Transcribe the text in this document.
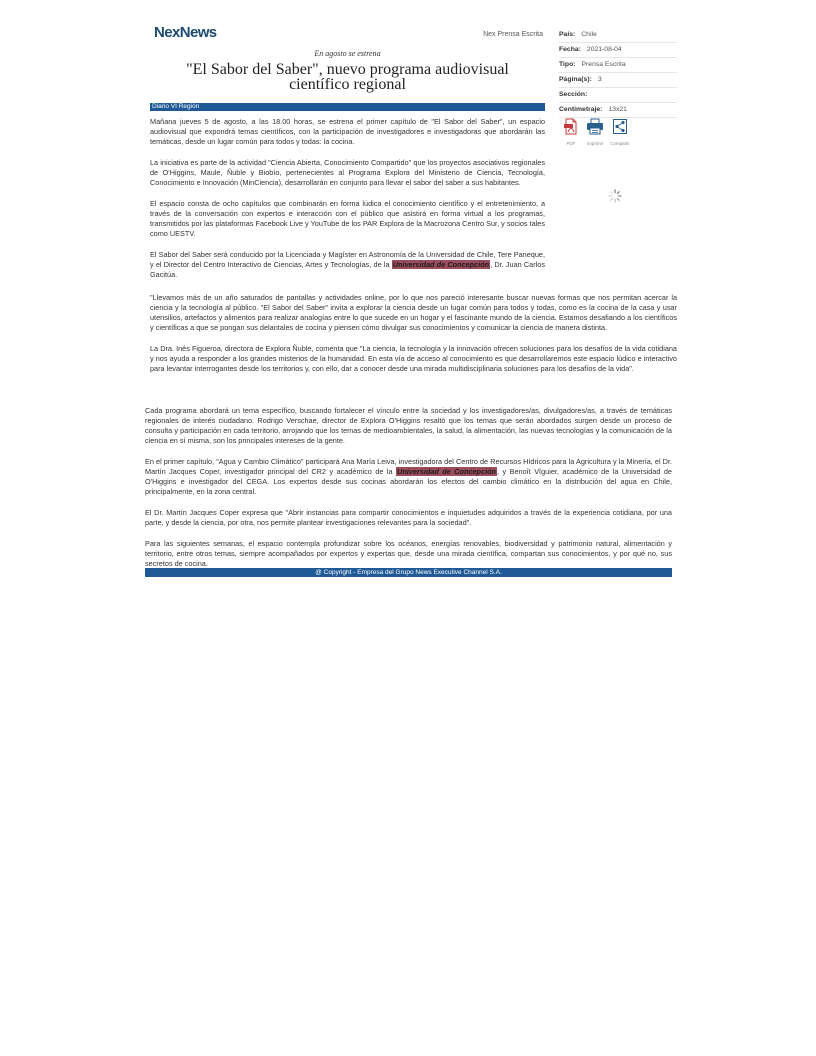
NexNews	Nex Prensa Escrita
En agosto se estrena
"El Sabor del Saber", nuevo programa audiovisual
científico regional
Diario VI Región

Mañana jueves 5 de agosto, a las 18.00 horas, se estrena el primer capítulo de "El Sabor del Saber", un espacio audiovisual que expondrá temas científicos, con la participación de investigadores e investigadoras que abordarán las temáticas, desde un lugar común para todos y todas: la cocina.

La iniciativa es parte de la actividad "Ciencia Abierta, Conocimiento Compartido" que los proyectos asociativos regionales de O'Higgins, Maule, Ñuble y Biobío, pertenecientes al Programa Explora del Ministerio de Ciencia, Tecnología, Conocimiento e Innovación (MinCiencia), desarrollarán en conjunto para llevar el sabor del saber a sus habitantes.

El espacio consta de ocho capítulos que combinarán en forma lúdica el conocimiento científico y el entretenimiento, a través de la conversación con expertos e interacción con el público que asistirá en forma virtual a los programas, transmitidos por las plataformas Facebook Live y YouTube de los PAR Explora de la Macrozona Centro Sur, y socios tales como UESTV.

El Sabor del Saber será conducido por la Licenciada y Magíster en Astronomía de la Universidad de Chile, Tere Paneque, y el Director del Centro Interactivo de Ciencias, Artes y Tecnologías, de la Universidad de Concepción, Dr. Juan Carlos Gacitúa.

"Llevamos más de un año saturados de pantallas y actividades online, por lo que nos pareció interesante buscar nuevas formas que nos permitan acercar la ciencia y la tecnología al público. "El Sabor del Saber" invita a explorar la ciencia desde un lugar común para todos y todas, como es la cocina de la casa y usar utensilios, artefactos y alimentos para realizar analogías entre lo que sucede en un hogar y el fascinante mundo de la ciencia. Estamos desafiando a los científicos y científicas a que se pongan sus delantales de cocina y piensen cómo divulgar sus conocimientos y comunicar la ciencia de manera distinta.

La Dra. Inés Figueroa, directora de Explora Ñuble, comenta que "La ciencia, la tecnología y la innovación ofrecen soluciones para los desafíos de la vida cotidiana y nos ayuda a responder a los grandes misterios de la humanidad. En esta vía de acceso al conocimiento es que desarrollaremos este espacio lúdico e interactivo para levantar interrogantes desde los territorios y, con ello, dar a conocer desde una mirada multidisciplinaria soluciones para los desafíos de la vida".

Cada programa abordará un tema específico, buscando fortalecer el vínculo entre la sociedad y los investigadores/as, divulgadores/as, a través de temáticas regionales de interés ciudadano. Rodrigo Verschae, director de Explora O'Higgins resaltó que los temas que serán abordados surgen desde un proceso de consulta y participación en cada territorio, arrojando que los temas de medioambientales, la salud, la alimentación, las nuevas tecnologías y la comunicación de la ciencia en sí misma, son los principales intereses de la gente.

En el primer capítulo, "Agua y Cambio Climático" participará Ana María Leiva, investigadora del Centro de Recursos Hídricos para la Agricultura y la Minería, el Dr. Martín Jacques Coper, investigador principal del CR2 y académico de la Universidad de Concepción, y Benoît Vîguier, académico de la Universidad de O'Higgins e investigador del CEGA. Los expertos desde sus cocinas abordarán los efectos del cambio climático en la distribución del agua en Chile, principalmente, en la zona central.

El Dr. Martín Jacques Coper expresa que "Abrir instancias para compartir conocimientos e inquietudes adquiridos a través de la experiencia cotidiana, por una parte, y desde la ciencia, por otra, nos permite plantear investigaciones relevantes para la sociedad".

Para las siguientes semanas, el espacio contempla profundizar sobre los océanos, energías renovables, biodiversidad y patrimonio natural, alimentación y territorio, entre otros temas, siempre acompañados por expertos y expertas que, desde una mirada científica, compartan sus conocimientos, y por qué no, sus secretos de cocina.

@ Copyright - Empresa del Grupo News Executive Channel S.A.
País: Chile
Fecha: 2021-08-04
Tipo: Prensa Escrita
Página(s): 3
Sección:
Centimetraje: 13x21
PDF	Imprimir	Compartir
